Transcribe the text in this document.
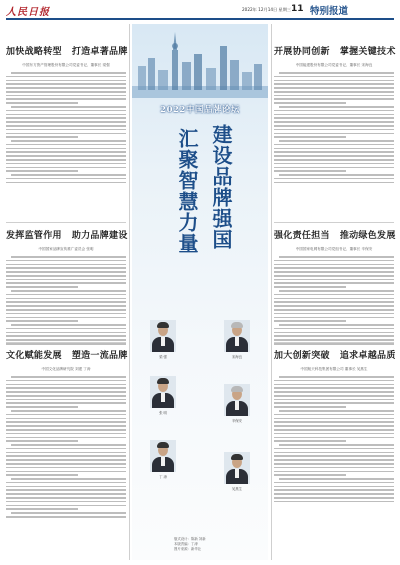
人民日报	2022年 12月14日 星期三 11 特别报道
加快战略转型 打造卓著品牌
中国东方资产管理股份有限公司党委书记、董事长 梁强
发挥监管作用 助力品牌建设
中国国家品牌宣传推广委员会 张明
文化赋能发展 塑造一流品牌
中国文化品牌研究院 刘建 丁涛
2022中国品牌论坛
建设品牌强国
汇聚智慧力量
梁 强	宋海良
张 明
辛保安
丁 涛
吴燕生
版式设计：陈新 刘新
本版责编：丁涛
图片来源：新华社
开展协同创新 掌握关键技术
中国能建股份有限公司党委书记、董事长 宋海良
强化责任担当 推动绿色发展
中国国家电网有限公司党组书记、董事长 辛保安
加大创新突破 追求卓越品质
中国航天科技集团有限公司 董事长 吴燕生
